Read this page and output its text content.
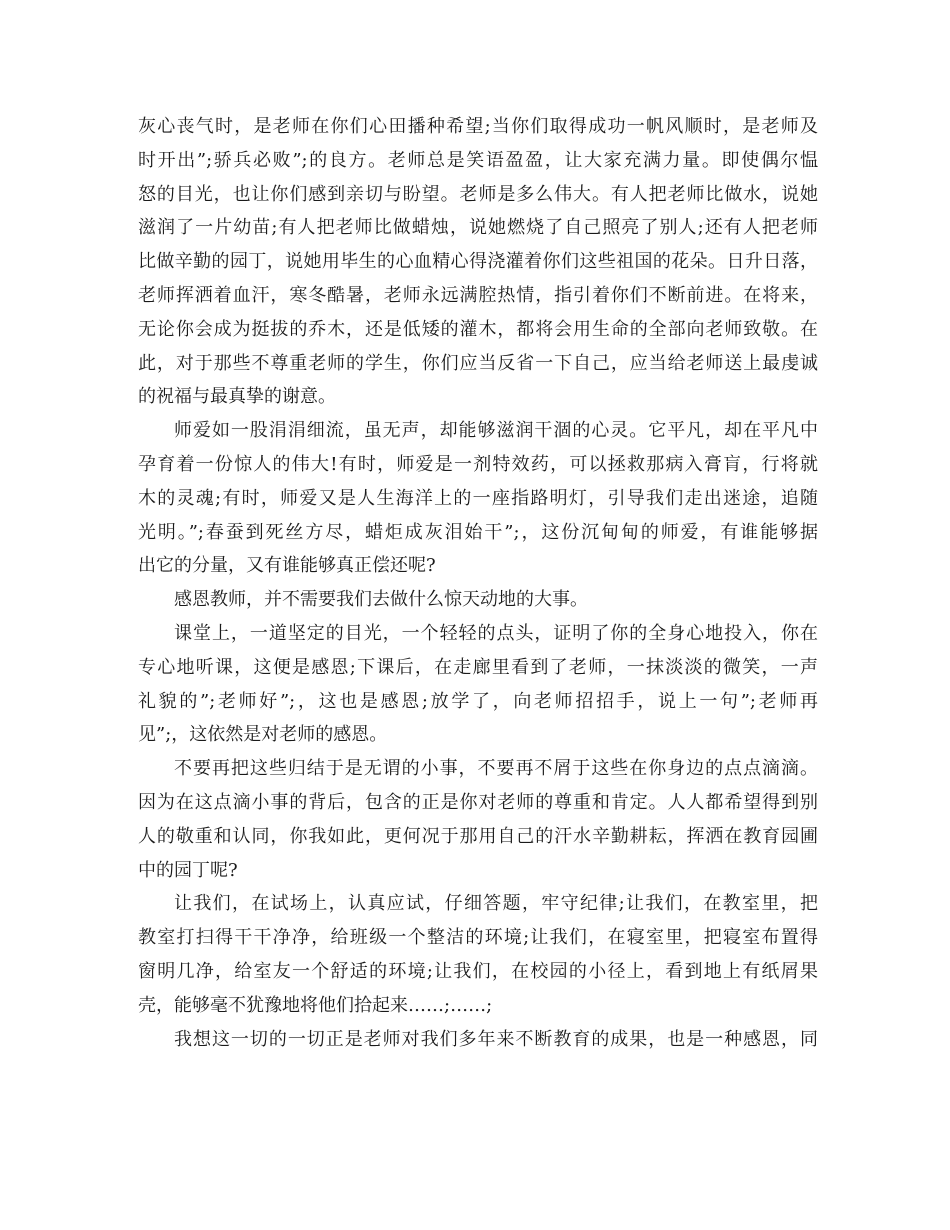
灰心丧气时，是老师在你们心田播种希望;当你们取得成功一帆风顺时，是老师及
时开出”;骄兵必败”;的良方。老师总是笑语盈盈，让大家充满力量。即使偶尔愠
怒的目光，也让你们感到亲切与盼望。老师是多么伟大。有人把老师比做水，说她
滋润了一片幼苗;有人把老师比做蜡烛，说她燃烧了自己照亮了别人;还有人把老师
比做辛勤的园丁，说她用毕生的心血精心得浇灌着你们这些祖国的花朵。日升日落，
老师挥洒着血汗，寒冬酷暑，老师永远满腔热情，指引着你们不断前进。在将来，
无论你会成为挺拔的乔木，还是低矮的灌木，都将会用生命的全部向老师致敬。在
此，对于那些不尊重老师的学生，你们应当反省一下自己，应当给老师送上最虔诚
的祝福与最真挚的谢意。
师爱如一股涓涓细流，虽无声，却能够滋润干涸的心灵。它平凡，却在平凡中
孕育着一份惊人的伟大!有时，师爱是一剂特效药，可以拯救那病入膏肓，行将就
木的灵魂;有时，师爱又是人生海洋上的一座指路明灯，引导我们走出迷途，追随
光明。”;春蚕到死丝方尽，蜡炬成灰泪始干”;，这份沉甸甸的师爱，有谁能够据
出它的分量，又有谁能够真正偿还呢?
感恩教师，并不需要我们去做什么惊天动地的大事。
课堂上，一道坚定的目光，一个轻轻的点头，证明了你的全身心地投入，你在
专心地听课，这便是感恩;下课后，在走廊里看到了老师，一抹淡淡的微笑，一声
礼貌的”;老师好”;，这也是感恩;放学了，向老师招招手，说上一句”;老师再
见”;，这依然是对老师的感恩。
不要再把这些归结于是无谓的小事，不要再不屑于这些在你身边的点点滴滴。
因为在这点滴小事的背后，包含的正是你对老师的尊重和肯定。人人都希望得到别
人的敬重和认同，你我如此，更何况于那用自己的汗水辛勤耕耘，挥洒在教育园圃
中的园丁呢?
让我们，在试场上，认真应试，仔细答题，牢守纪律;让我们，在教室里，把
教室打扫得干干净净，给班级一个整洁的环境;让我们，在寝室里，把寝室布置得
窗明几净，给室友一个舒适的环境;让我们，在校园的小径上，看到地上有纸屑果
壳，能够毫不犹豫地将他们拾起来……;……;
我想这一切的一切正是老师对我们多年来不断教育的成果，也是一种感恩，同
